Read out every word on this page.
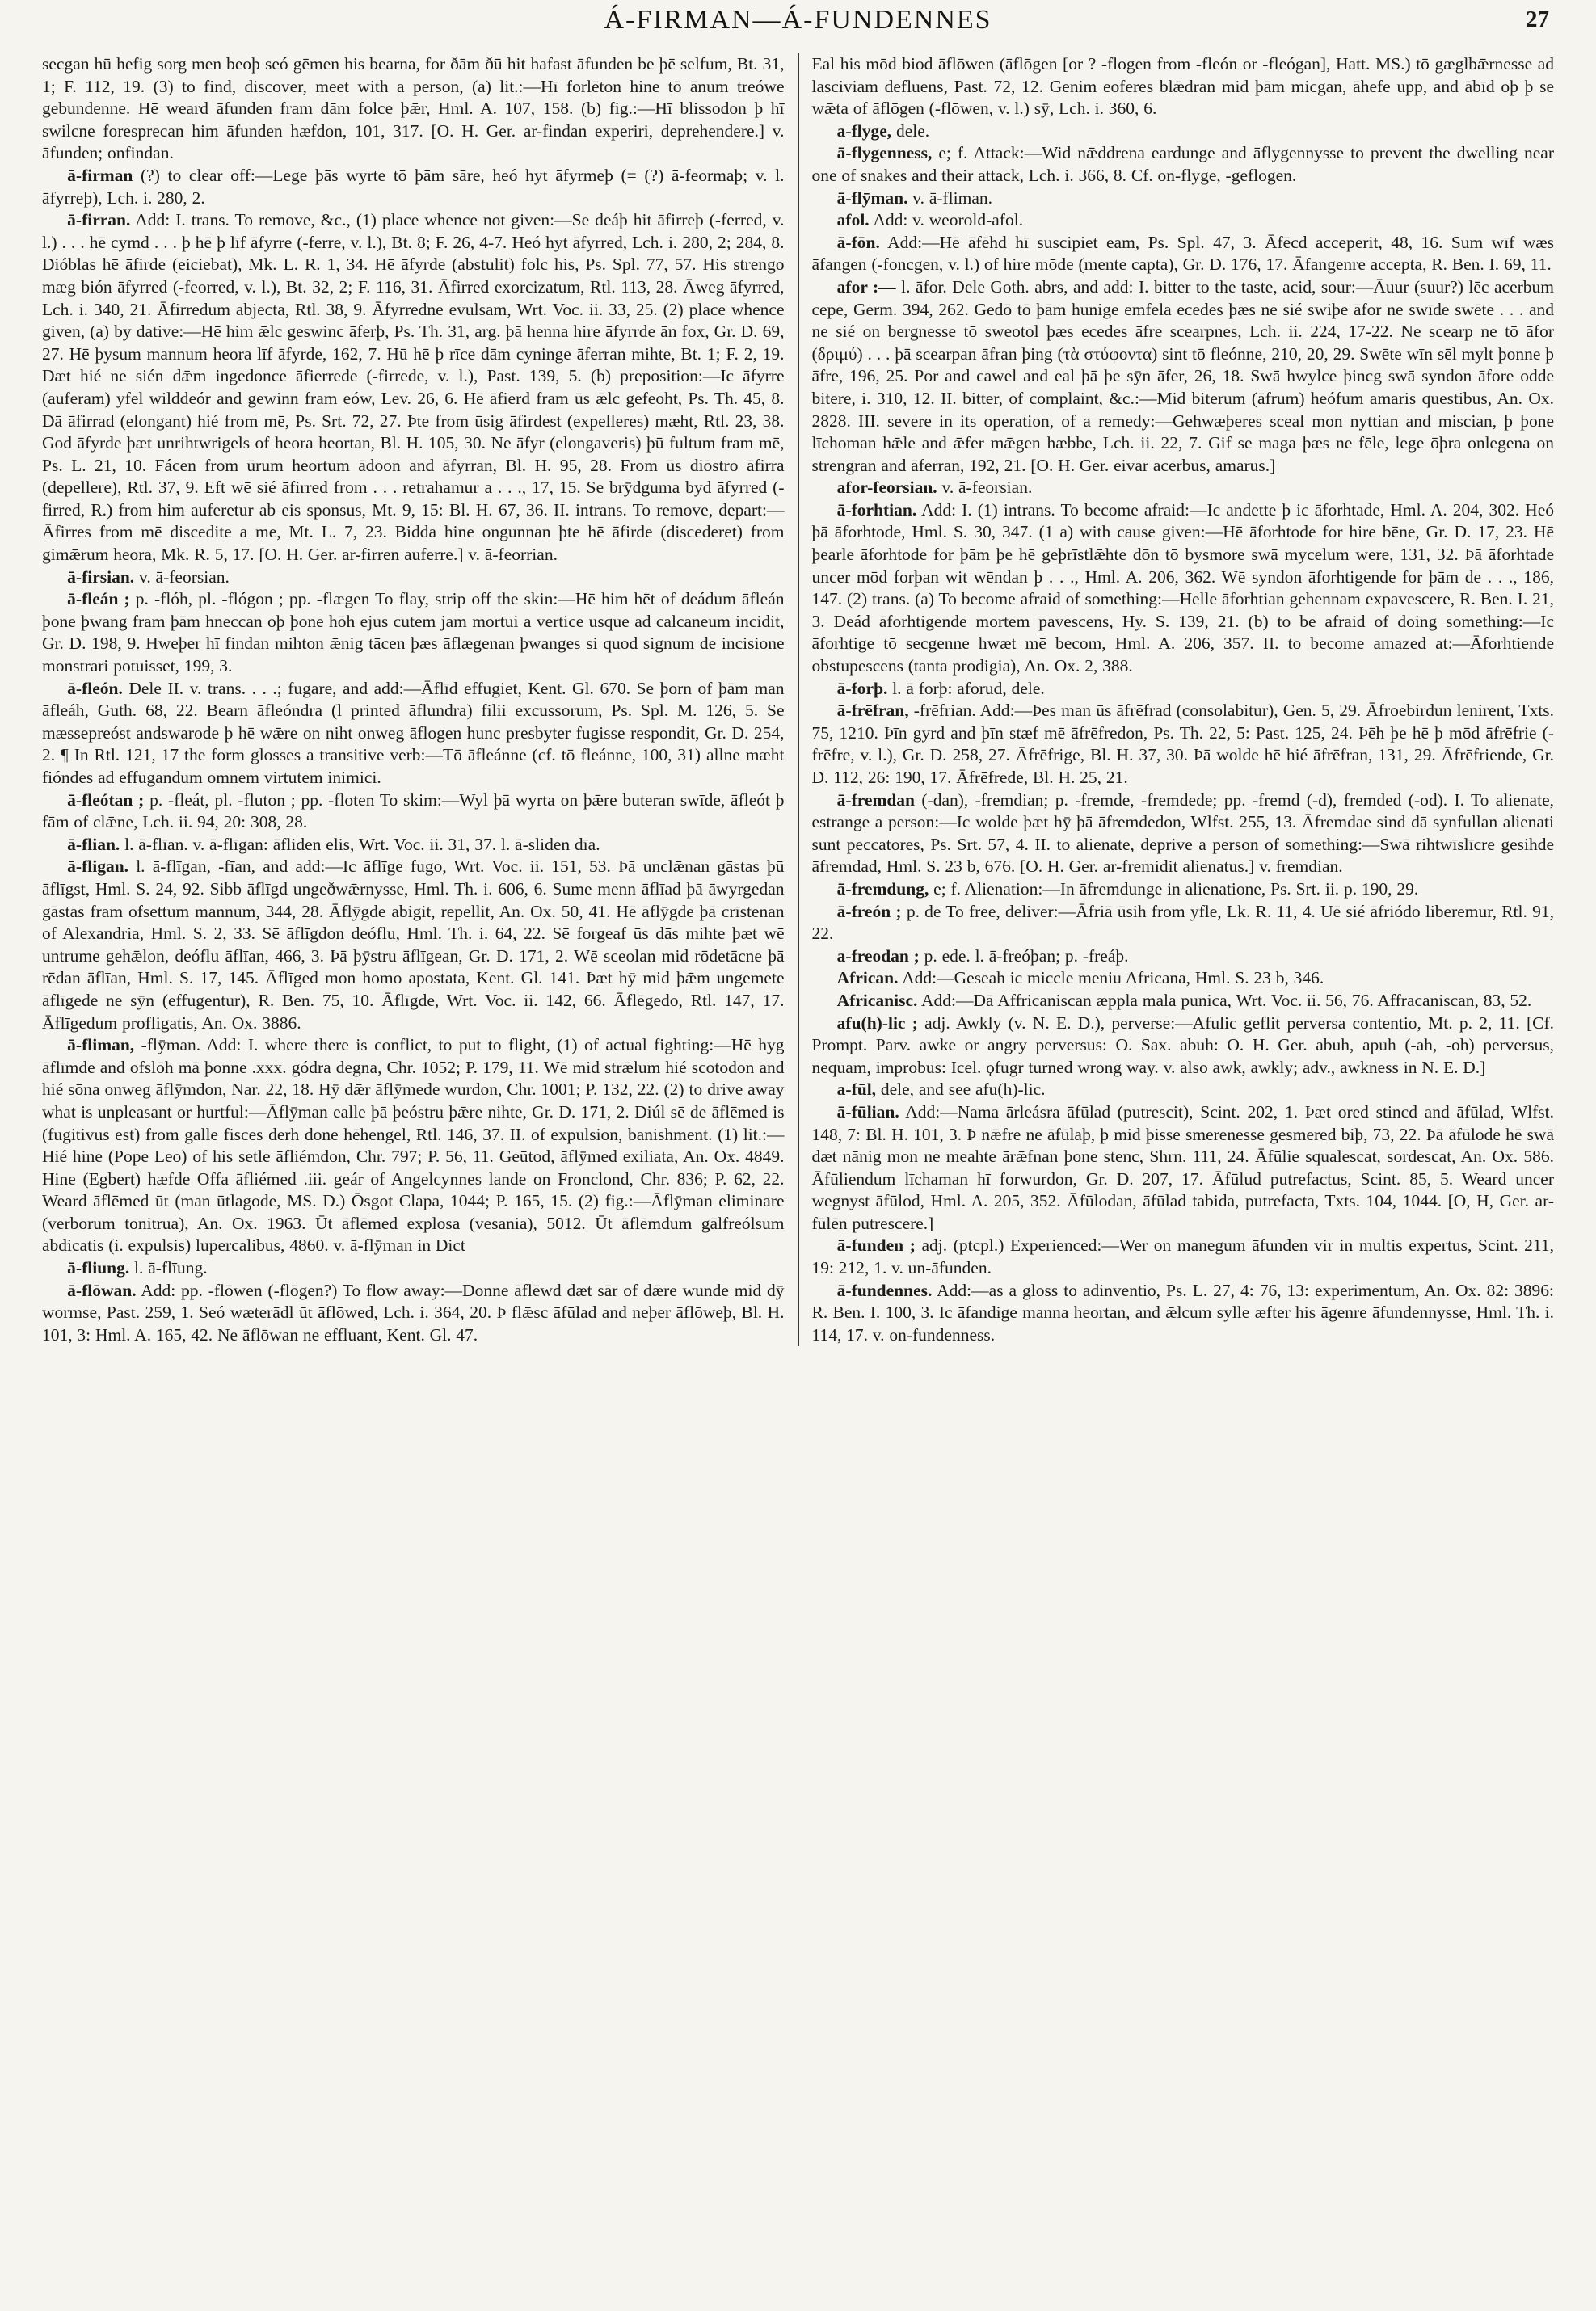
Á-FIRMAN—Á-FUNDENNES	27

secgan hū hefig sorg men beoþ seó gēmen his bearna, for ðām ðū hit hafast āfunden be þē selfum, Bt. 31, 1; F. 112, 19. (3) to find, discover, meet with a person, (a) lit.:—Hī forlēton hine tō ānum treówe gebundenne. Hē weard āfunden fram dām folce þǣr, Hml. A. 107, 158. (b) fig.:—Hī blissodon þ hī swilcne foresprecan him āfunden hæfdon, 101, 317. [O. H. Ger. ar-findan experiri, deprehendere.] v. āfunden; onfindan.

ā-firman (?) to clear off:—Lege þās wyrte tō þām sāre, heó hyt āfyrmeþ (= (?) ā-feormaþ; v. l. āfyrreþ), Lch. i. 280, 2.

ā-firran. Add: I. trans. To remove, &c., (1) place whence not given:—Se deáþ hit āfirreþ (-ferred, v. l.) . . . hē cymd . . . þ hē þ līf āfyrre (-ferre, v. l.), Bt. 8; F. 26, 4-7. Heó hyt āfyrred, Lch. i. 280, 2; 284, 8. Dióblas hē āfirde (eiciebat), Mk. L. R. 1, 34. Hē āfyrde (abstulit) folc his, Ps. Spl. 77, 57. His strengo mæg bión āfyrred (-feorred, v. l.), Bt. 32, 2; F. 116, 31. Āfirred exorcizatum, Rtl. 113, 28. Āweg āfyrred, Lch. i. 340, 21. Āfirredum abjecta, Rtl. 38, 9. Āfyrredne evulsam, Wrt. Voc. ii. 33, 25. (2) place whence given, (a) by dative:—Hē him ǣlc geswinc āferþ, Ps. Th. 31, arg. þā henna hire āfyrrde ān fox, Gr. D. 69, 27. Hē þysum mannum heora līf āfyrde, 162, 7. Hū hē þ rīce dām cyninge āferran mihte, Bt. 1; F. 2, 19. Dæt hié ne sién dǣm ingedonce āfierrede (-firrede, v. l.), Past. 139, 5. (b) preposition:—Ic āfyrre (auferam) yfel wilddeór and gewinn fram eów, Lev. 26, 6. Hē āfierd fram ūs ǣlc gefeoht, Ps. Th. 45, 8. Dā āfirrad (elongant) hié from mē, Ps. Srt. 72, 27. Þte from ūsig āfirdest (expelleres) mæht, Rtl. 23, 38. God āfyrde þæt unrihtwrigels of heora heortan, Bl. H. 105, 30. Ne āfyr (elongaveris) þū fultum fram mē, Ps. L. 21, 10. Fácen from ūrum heortum ādoon and āfyrran, Bl. H. 95, 28. From ūs diōstro āfirra (depellere), Rtl. 37, 9. Eft wē sié āfirred from . . . retrahamur a . . ., 17, 15. Se brȳdguma byd āfyrred (-firred, R.) from him auferetur ab eis sponsus, Mt. 9, 15: Bl. H. 67, 36. II. intrans. To remove, depart:—Āfirres from mē discedite a me, Mt. L. 7, 23. Bidda hine ongunnan þte hē āfirde (discederet) from gimǣrum heora, Mk. R. 5, 17. [O. H. Ger. ar-firren auferre.] v. ā-feorrian.

ā-firsian. v. ā-feorsian.

ā-fleán ; p. -flóh, pl. -flógon ; pp. -flægen To flay, strip off the skin:—Hē him hēt of deádum āfleán þone þwang fram þām hneccan oþ þone hōh ejus cutem jam mortui a vertice usque ad calcaneum incidit, Gr. D. 198, 9. Hweþer hī findan mihton ǣnig tācen þæs āflægenan þwanges si quod signum de incisione monstrari potuisset, 199, 3.

ā-fleón. Dele II. v. trans. . . .; fugare, and add:—Āflīd effugiet, Kent. Gl. 670. Se þorn of þām man āfleáh, Guth. 68, 22. Bearn āfleóndra (l printed āflundra) filii excussorum, Ps. Spl. M. 126, 5. Se mæssepreóst andswarode þ hē wǣre on niht onweg āflogen hunc presbyter fugisse respondit, Gr. D. 254, 2. ¶ In Rtl. 121, 17 the form glosses a transitive verb:—Tō āfleánne (cf. tō fleánne, 100, 31) allne mæht fióndes ad effugandum omnem virtutem inimici.

ā-fleótan ; p. -fleát, pl. -fluton ; pp. -floten To skim:—Wyl þā wyrta on þǣre buteran swīde, āfleót þ fām of clǣne, Lch. ii. 94, 20: 308, 28.

ā-flian. l. ā-flīan. v. ā-flīgan: āfliden elis, Wrt. Voc. ii. 31, 37. l. ā-sliden dīa.

ā-fligan. l. ā-flīgan, -fīan, and add:—Ic āflīge fugo, Wrt. Voc. ii. 151, 53. Þā unclǣnan gāstas þū āflīgst, Hml. S. 24, 92. Sibb āflīgd ungeðwǣrnysse, Hml. Th. i. 606, 6. Sume menn āflīad þā āwyrgedan gāstas fram ofsettum mannum, 344, 28. Āflȳgde abigit, repellit, An. Ox. 50, 41. Hē āflȳgde þā crīstenan of Alexandria, Hml. S. 2, 33. Sē āflīgdon deóflu, Hml. Th. i. 64, 22. Sē forgeaf ūs dās mihte þæt wē untrume gehǣlon, deóflu āflīan, 466, 3. Þā þȳstru āflīgean, Gr. D. 171, 2. Wē sceolan mid rōdetācne þā rēdan āflīan, Hml. S. 17, 145. Āflīged mon homo apostata, Kent. Gl. 141. Þæt hȳ mid þǣm ungemete āflīgede ne sȳn (effugentur), R. Ben. 75, 10. Āflīgde, Wrt. Voc. ii. 142, 66. Āflēgedo, Rtl. 147, 17. Āflīgedum profligatis, An. Ox. 3886.

ā-fliman, -flȳman. Add: I. where there is conflict, to put to flight, (1) of actual fighting:—Hē hyg āflīmde and ofslōh mā þonne .xxx. gódra degna, Chr. 1052; P. 179, 11. Wē mid strǣlum hié scotodon and hié sōna onweg āflȳmdon, Nar. 22, 18. Hȳ dǣr āflȳmede wurdon, Chr. 1001; P. 132, 22. (2) to drive away what is unpleasant or hurtful:—Āflȳman ealle þā þeóstru þǣre nihte, Gr. D. 171, 2. Diúl sē de āflēmed is (fugitivus est) from galle fisces derh done hēhengel, Rtl. 146, 37. II. of expulsion, banishment. (1) lit.:—Hié hine (Pope Leo) of his setle āfliémdon, Chr. 797; P. 56, 11. Geūtod, āflȳmed exiliata, An. Ox. 4849. Hine (Egbert) hæfde Offa āfliémed .iii. geár of Angelcynnes lande on Fronclond, Chr. 836; P. 62, 22. Weard āflēmed ūt (man ūtlagode, MS. D.) Ōsgot Clapa, 1044; P. 165, 15. (2) fig.:—Āflȳman eliminare (verborum tonitrua), An. Ox. 1963. Ūt āflēmed explosa (vesania), 5012. Ūt āflēmdum gālfreólsum abdicatis (i. expulsis) lupercalibus, 4860. v. ā-flȳman in Dict

ā-fliung. l. ā-flīung.

ā-flōwan. Add: pp. -flōwen (-flōgen?) To flow away:—Donne āflēwd dæt sār of dǣre wunde mid dȳ wormse, Past. 259, 1. Seó wæterādl ūt āflōwed, Lch. i. 364, 20. Þ flǣsc āfūlad and neþer āflōweþ, Bl. H. 101, 3: Hml. A. 165, 42. Ne āflōwan ne effluant, Kent. Gl. 47.

Eal his mōd biod āflōwen (āflōgen [or ? -flogen from -fleón or -fleógan], Hatt. MS.) tō gæglbǣrnesse ad lasciviam defluens, Past. 72, 12. Genim eoferes blǣdran mid þām micgan, āhefe upp, and ābīd oþ þ se wǣta of āflōgen (-flōwen, v. l.) sȳ, Lch. i. 360, 6.

a-flyge, dele.

ā-flygenness, e; f. Attack:—Wid nǣddrena eardunge and āflygennysse to prevent the dwelling near one of snakes and their attack, Lch. i. 366, 8. Cf. on-flyge, -geflogen.

ā-flȳman. v. ā-fliman.

afol. Add: v. weorold-afol.

ā-fōn. Add:—Hē āfēhd hī suscipiet eam, Ps. Spl. 47, 3. Āfēcd acceperit, 48, 16. Sum wīf wæs āfangen (-foncgen, v. l.) of hire mōde (mente capta), Gr. D. 176, 17. Āfangenre accepta, R. Ben. I. 69, 11.

afor :— l. āfor. Dele Goth. abrs, and add: I. bitter to the taste, acid, sour:—Āuur (suur?) lēc acerbum cepe, Germ. 394, 262. Gedō tō þām hunige emfela ecedes þæs ne sié swiþe āfor ne swīde swēte . . . and ne sié on bergnesse tō sweotol þæs ecedes āfre scearpnes, Lch. ii. 224, 17-22. Ne scearp ne tō āfor (δριμύ) . . . þā scearpan āfran þing (τὰ στύφοντα) sint tō fleónne, 210, 20, 29. Swēte wīn sēl mylt þonne þ āfre, 196, 25. Por and cawel and eal þā þe sȳn āfer, 26, 18. Swā hwylce þincg swā syndon āfore odde bitere, i. 310, 12. II. bitter, of complaint, &c.:—Mid biterum (āfrum) heófum amaris questibus, An. Ox. 2828. III. severe in its operation, of a remedy:—Gehwæþeres sceal mon nyttian and miscian, þ þone līchoman hǣle and ǣfer mǣgen hæbbe, Lch. ii. 22, 7. Gif se maga þæs ne fēle, lege ōþra onlegena on strengran and āferran, 192, 21. [O. H. Ger. eivar acerbus, amarus.]

afor-feorsian. v. ā-feorsian.

ā-forhtian. Add: I. (1) intrans. To become afraid:—Ic andette þ ic āforhtade, Hml. A. 204, 302. Heó þā āforhtode, Hml. S. 30, 347. (1 a) with cause given:—Hē āforhtode for hire bēne, Gr. D. 17, 23. Hē þearle āforhtode for þām þe hē geþrīstlǣhte dōn tō bysmore swā mycelum were, 131, 32. Þā āforhtade uncer mōd forþan wit wēndan þ . . ., Hml. A. 206, 362. Wē syndon āforhtigende for þām de . . ., 186, 147. (2) trans. (a) To become afraid of something:—Helle āforhtian gehennam expavescere, R. Ben. I. 21, 3. Deád āforhtigende mortem pavescens, Hy. S. 139, 21. (b) to be afraid of doing something:—Ic āforhtige tō secgenne hwæt mē becom, Hml. A. 206, 357. II. to become amazed at:—Āforhtiende obstupescens (tanta prodigia), An. Ox. 2, 388.

ā-forþ. l. ā forþ: aforud, dele.

ā-frēfran, -frēfrian. Add:—Þes man ūs āfrēfrad (consolabitur), Gen. 5, 29. Āfroebirdun lenirent, Txts. 75, 1210. Þīn gyrd and þīn stæf mē āfrēfredon, Ps. Th. 22, 5: Past. 125, 24. Þēh þe hē þ mōd āfrēfrie (-frēfre, v. l.), Gr. D. 258, 27. Āfrēfrige, Bl. H. 37, 30. Þā wolde hē hié āfrēfran, 131, 29. Āfrēfriende, Gr. D. 112, 26: 190, 17. Āfrēfrede, Bl. H. 25, 21.

ā-fremdan (-dan), -fremdian; p. -fremde, -fremdede; pp. -fremd (-d), fremded (-od). I. To alienate, estrange a person:—Ic wolde þæt hȳ þā āfremdedon, Wlfst. 255, 13. Āfremdae sind dā synfullan alienati sunt peccatores, Ps. Srt. 57, 4. II. to alienate, deprive a person of something:—Swā rihtwīslīcre gesihde āfremdad, Hml. S. 23 b, 676. [O. H. Ger. ar-fremidit alienatus.] v. fremdian.

ā-fremdung, e; f. Alienation:—In āfremdunge in alienatione, Ps. Srt. ii. p. 190, 29.

ā-freón ; p. de To free, deliver:—Āfriā ūsih from yfle, Lk. R. 11, 4. Uē sié āfriódo liberemur, Rtl. 91, 22.

a-freodan ; p. ede. l. ā-freóþan; p. -freáþ.

African. Add:—Geseah ic miccle meniu Africana, Hml. S. 23 b, 346.

Africanisc. Add:—Dā Affricaniscan æppla mala punica, Wrt. Voc. ii. 56, 76. Affracaniscan, 83, 52.

afu(h)-lic ; adj. Awkly (v. N. E. D.), perverse:—Afulic geflit perversa contentio, Mt. p. 2, 11. [Cf. Prompt. Parv. awke or angry perversus: O. Sax. abuh: O. H. Ger. abuh, apuh (-ah, -oh) perversus, nequam, improbus: Icel. ǫfugr turned wrong way. v. also awk, awkly; adv., awkness in N. E. D.]

a-fūl, dele, and see afu(h)-lic.

ā-fūlian. Add:—Nama ārleásra āfūlad (putrescit), Scint. 202, 1. Þæt ored stincd and āfūlad, Wlfst. 148, 7: Bl. H. 101, 3. Þ nǣfre ne āfūlaþ, þ mid þisse smerenesse gesmered biþ, 73, 22. Þā āfūlode hē swā dæt nānig mon ne meahte ārǣfnan þone stenc, Shrn. 111, 24. Āfūlie squalescat, sordescat, An. Ox. 586. Āfūliendum līchaman hī forwurdon, Gr. D. 207, 17. Āfūlud putrefactus, Scint. 85, 5. Weard uncer wegnyst āfūlod, Hml. A. 205, 352. Āfūlodan, āfūlad tabida, putrefacta, Txts. 104, 1044. [O, H, Ger. ar-fūlēn putrescere.]

ā-funden ; adj. (ptcpl.) Experienced:—Wer on manegum āfunden vir in multis expertus, Scint. 211, 19: 212, 1. v. un-āfunden.

ā-fundennes. Add:—as a gloss to adinventio, Ps. L. 27, 4: 76, 13: experimentum, An. Ox. 82: 3896: R. Ben. I. 100, 3. Ic āfandige manna heortan, and ǣlcum sylle æfter his āgenre āfundennysse, Hml. Th. i. 114, 17. v. on-fundenness.
